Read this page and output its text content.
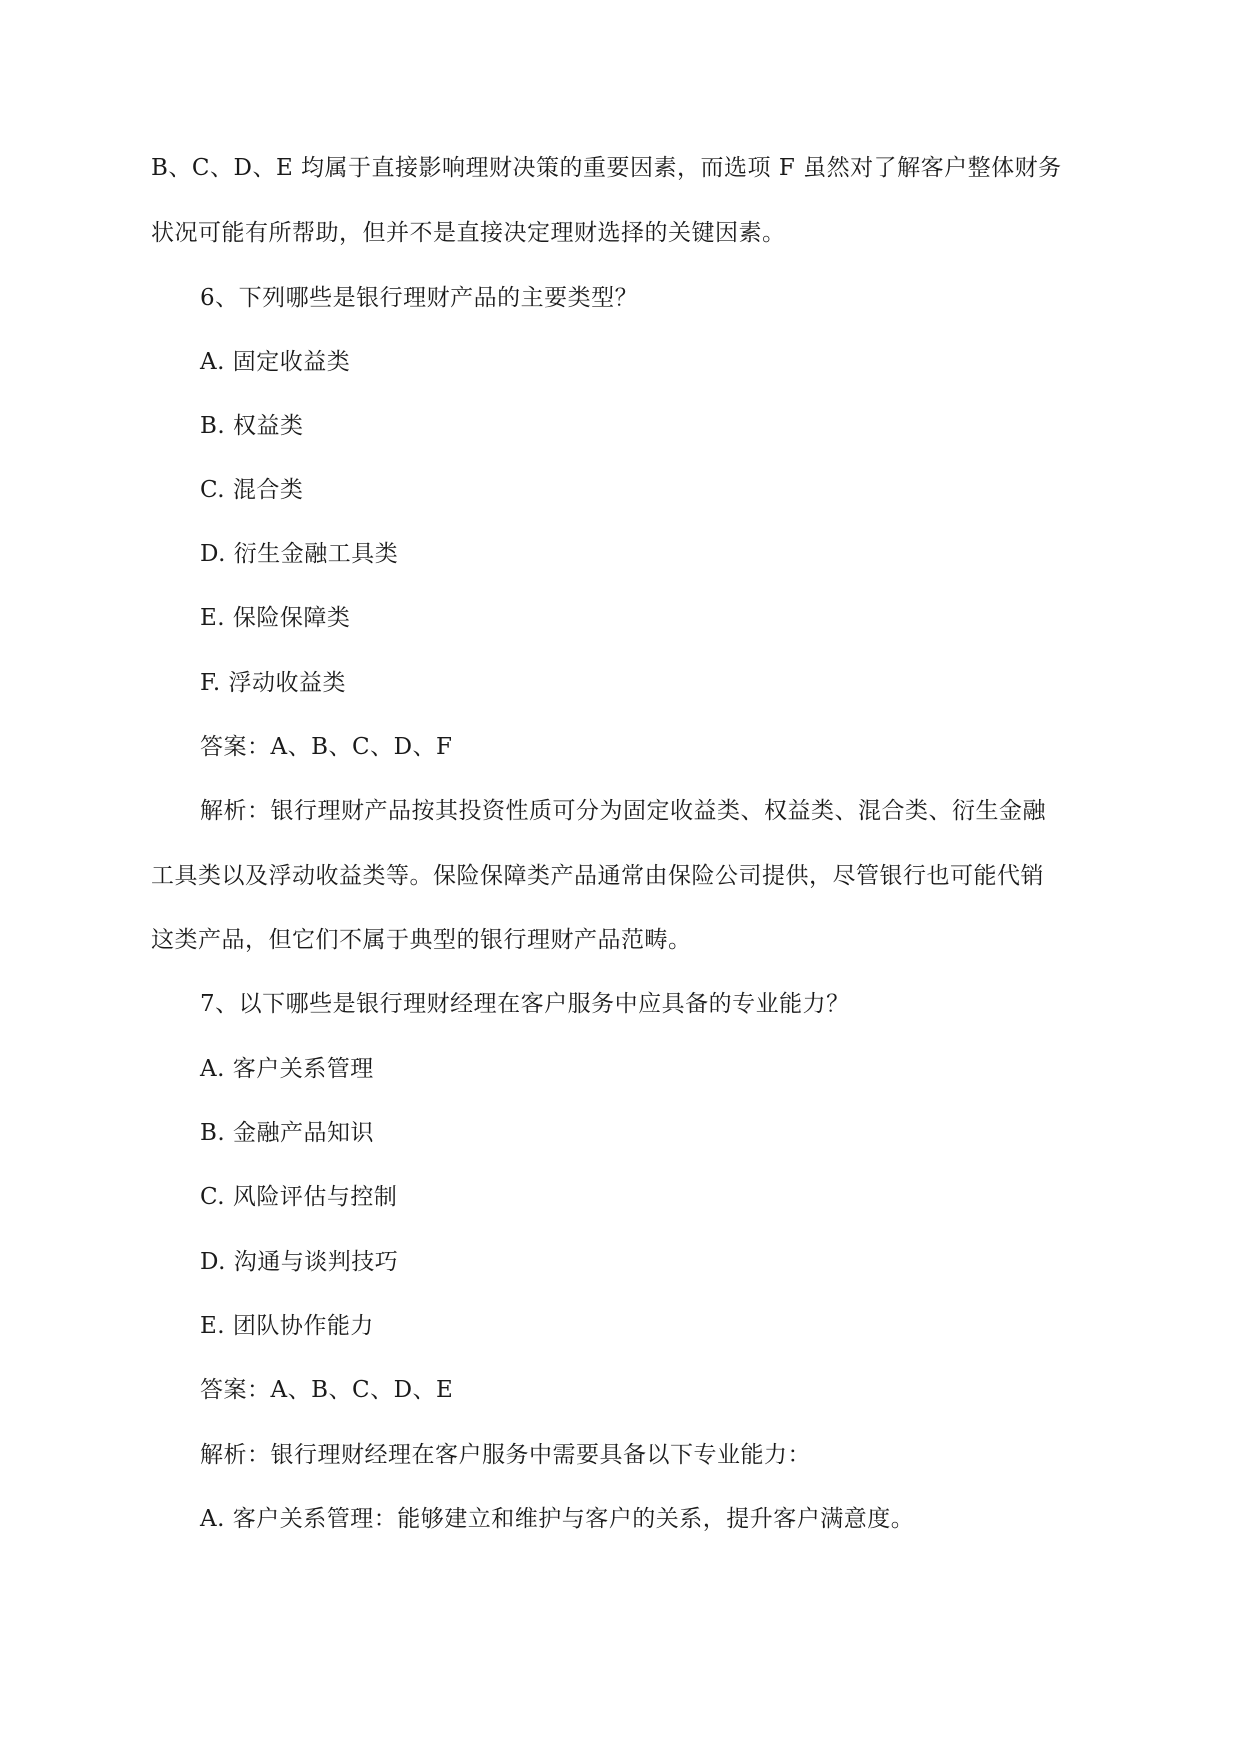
B、C、D、E 均属于直接影响理财决策的重要因素，而选项 F 虽然对了解客户整体财务
状况可能有所帮助，但并不是直接决定理财选择的关键因素。
6、下列哪些是银行理财产品的主要类型？
A. 固定收益类
B. 权益类
C. 混合类
D. 衍生金融工具类
E. 保险保障类
F. 浮动收益类
答案：A、B、C、D、F
解析：银行理财产品按其投资性质可分为固定收益类、权益类、混合类、衍生金融
工具类以及浮动收益类等。保险保障类产品通常由保险公司提供，尽管银行也可能代销
这类产品，但它们不属于典型的银行理财产品范畴。
7、以下哪些是银行理财经理在客户服务中应具备的专业能力？
A. 客户关系管理
B. 金融产品知识
C. 风险评估与控制
D. 沟通与谈判技巧
E. 团队协作能力
答案：A、B、C、D、E
解析：银行理财经理在客户服务中需要具备以下专业能力：
A. 客户关系管理：能够建立和维护与客户的关系，提升客户满意度。
